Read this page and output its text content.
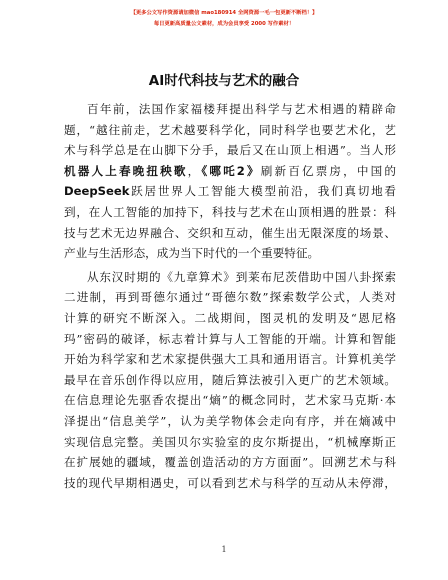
【更多公文写作资源请加微信 mao180914 全网资源一毛一包更新不断档！】
每日更新高质量公文素材，成为会员享受 2000 写作素材！
AI时代科技与艺术的融合
百年前，法国作家福楼拜提出科学与艺术相遇的精辟命
题，“越往前走，艺术越要科学化，同时科学也要艺术化，艺
术与科学总是在山脚下分手，最后又在山顶上相遇”。当人形
机器人上春晚扭秧歌，《哪吒2》刷新百亿票房，中国的
DeepSeek跃居世界人工智能大模型前沿，我们真切地看
到，在人工智能的加持下，科技与艺术在山顶相遇的胜景：科
技与艺术无边界融合、交织和互动，催生出无限深度的场景、
产业与生活形态，成为当下时代的一个重要特征。
从东汉时期的《九章算术》到莱布尼茨借助中国八卦探索
二进制，再到哥德尔通过“哥德尔数”探索数学公式，人类对
计算的研究不断深入。二战期间，图灵机的发明及“恩尼格
玛”密码的破译，标志着计算与人工智能的开端。计算和智能
开始为科学家和艺术家提供强大工具和通用语言。计算机美学
最早在音乐创作得以应用，随后算法被引入更广的艺术领域。
在信息理论先驱香农提出“熵”的概念同时，艺术家马克斯·本
泽提出“信息美学”，认为美学物体会走向有序，并在熵减中
实现信息完整。美国贝尔实验室的皮尔斯提出，“机械摩斯正
在扩展她的疆域，覆盖创造活动的方方面面”。回溯艺术与科
技的现代早期相遇史，可以看到艺术与科学的互动从未停滞，
1
